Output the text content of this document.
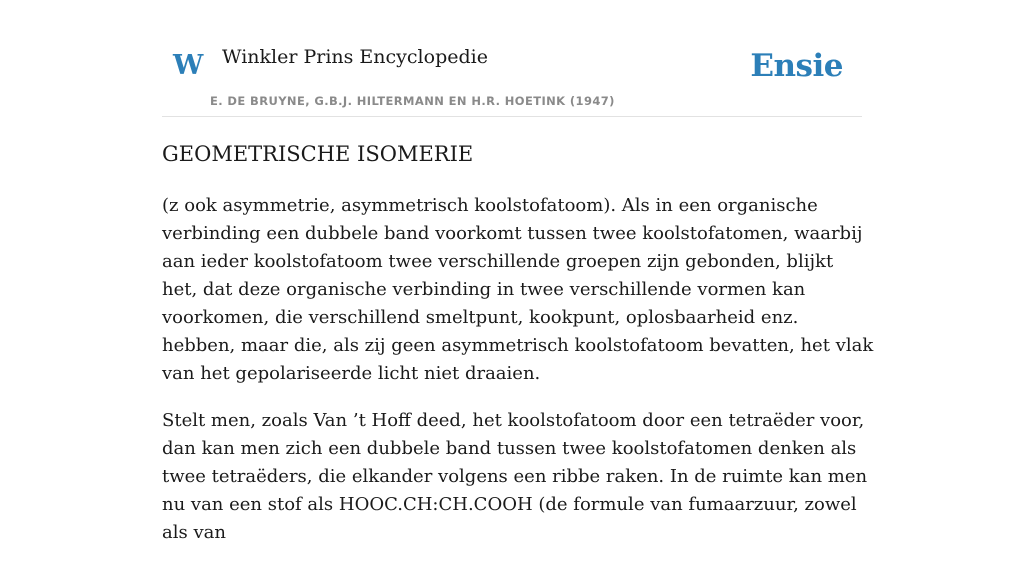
W Winkler Prins Encyclopedie
E. DE BRUYNE, G.B.J. HILTERMANN EN H.R. HOETINK (1947)
Ensie
GEOMETRISCHE ISOMERIE

(z ook asymmetrie, asymmetrisch koolstofatoom). Als in een organische verbinding een dubbele band voorkomt tussen twee koolstofatomen, waarbij aan ieder koolstofatoom twee verschillende groepen zijn gebonden, blijkt het, dat deze organische verbinding in twee verschillende vormen kan voorkomen, die verschillend smeltpunt, kookpunt, oplosbaarheid enz. hebben, maar die, als zij geen asymmetrisch koolstofatoom bevatten, het vlak van het gepolariseerde licht niet draaien.

Stelt men, zoals Van ’t Hoff deed, het koolstofatoom door een tetraëder voor, dan kan men zich een dubbele band tussen twee koolstofatomen denken als twee tetraëders, die elkander volgens een ribbe raken. In de ruimte kan men nu van een stof als HOOC.CH:CH.COOH (de formule van fumaarzuur, zowel als van
